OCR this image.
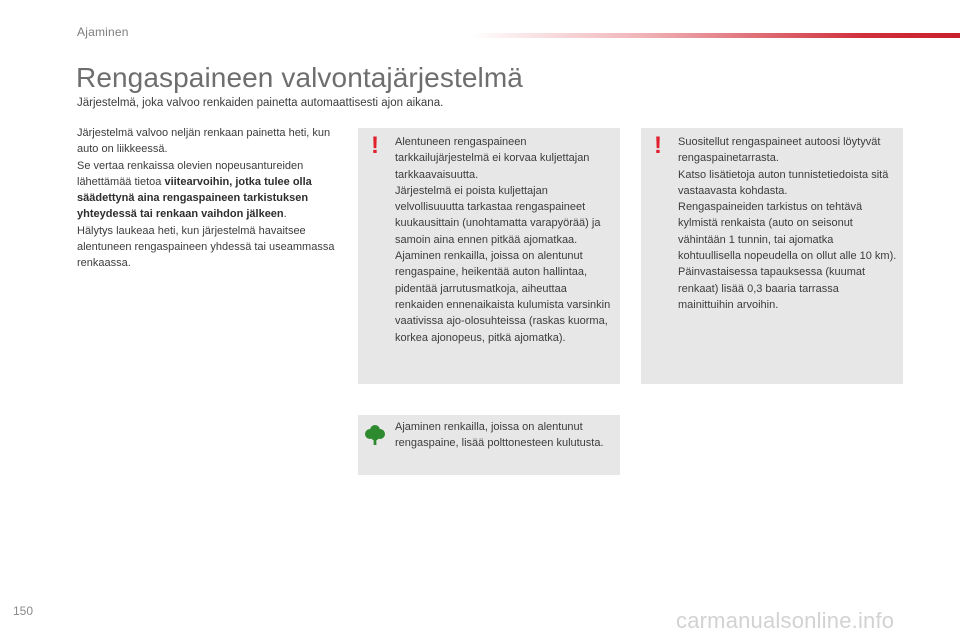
Ajaminen
Rengaspaineen valvontajärjestelmä

Järjestelmä, joka valvoo renkaiden painetta automaattisesti ajon aikana.

Järjestelmä valvoo neljän renkaan painetta heti, kun auto on liikkeessä.

Se vertaa renkaissa olevien nopeusantureiden lähettämää tietoa viitearvoihin, jotka tulee olla säädettynä aina rengaspaineen tarkistuksen yhteydessä tai renkaan vaihdon jälkeen.

Hälytys laukeaa heti, kun järjestelmä havaitsee alentuneen rengaspaineen yhdessä tai useammassa renkaassa.

!	Alentuneen rengaspaineen tarkkailujärjestelmä ei korvaa kuljettajan tarkkaavaisuutta.

Järjestelmä ei poista kuljettajan velvollisuuutta tarkastaa rengaspaineet kuukausittain (unohtamatta varapyörää) ja samoin aina ennen pitkää ajomatkaa.

Ajaminen renkailla, joissa on alentunut rengaspaine, heikentää auton hallintaa, pidentää jarrutusmatkoja, aiheuttaa renkaiden ennenaikaista kulumista varsinkin vaativissa ajo-olosuhteissa (raskas kuorma, korkea ajonopeus, pitkä ajomatka).

!	Suositellut rengaspaineet autoosi löytyvät rengaspainetarrasta.

Katso lisätietoja auton tunnistetiedoista sitä vastaavasta kohdasta.

Rengaspaineiden tarkistus on tehtävä kylmistä renkaista (auto on seisonut vähintään 1 tunnin, tai ajomatka kohtuullisella nopeudella on ollut alle 10 km).

Päinvastaisessa tapauksessa (kuumat renkaat) lisää 0,3 baaria tarrassa mainittuihin arvoihin.

Ajaminen renkailla, joissa on alentunut rengaspaine, lisää polttonesteen kulutusta.

150	carmanualsonline.info
